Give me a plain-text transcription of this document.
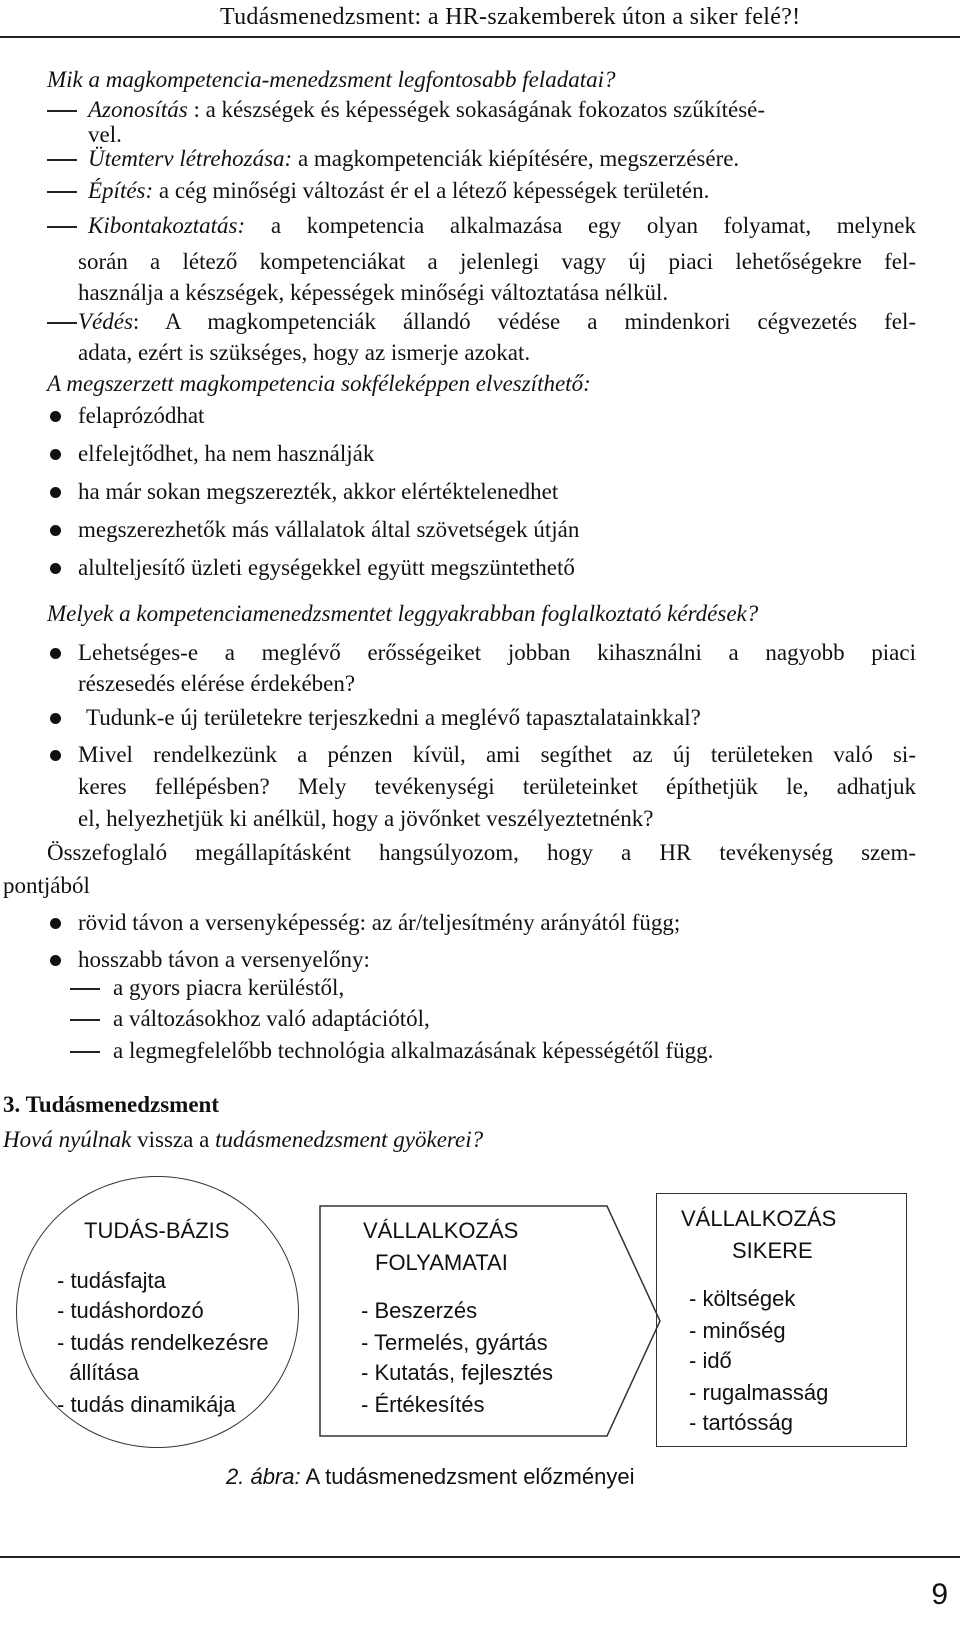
Tudásmenedzsment: a HR-szakemberek úton a siker felé?!
Mik a magkompetencia-menedzsment legfontosabb feladatai?
Azonosítás : a készségek és képességek sokaságának fokozatos szűkítésé-
vel.
Ütemterv létrehozása: a magkompetenciák kiépítésére, megszerzésére.
Építés: a cég minőségi változást ér el a létező képességek területén.
Kibontakoztatás: a kompetencia alkalmazása egy olyan folyamat, melynek
során a létező kompetenciákat a jelenlegi vagy új piaci lehetőségekre fel-
használja a készségek, képességek minőségi változtatása nélkül.
Védés: A magkompetenciák állandó védése a mindenkori cégvezetés fel-
adata, ezért is szükséges, hogy az ismerje azokat.
A megszerzett magkompetencia sokféleképpen elveszíthető:
felaprózódhat
elfelejtődhet, ha nem használják
ha már sokan megszerezték, akkor elértéktelenedhet
megszerezhetők más vállalatok által szövetségek útján
alulteljesítő üzleti egységekkel együtt megszüntethető
Melyek a kompetenciamenedzsmentet leggyakrabban foglalkoztató kérdések?
Lehetséges-e a meglévő erősségeiket jobban kihasználni a nagyobb piaci
részesedés elérése érdekében?
Tudunk-e új területekre terjeszkedni a meglévő tapasztalatainkkal?
Mivel rendelkezünk a pénzen kívül, ami segíthet az új területeken való si-
keres fellépésben? Mely tevékenységi területeinket építhetjük le, adhatjuk
el, helyezhetjük ki anélkül, hogy a jövőnket veszélyeztetnénk?
Összefoglaló megállapításként hangsúlyozom, hogy a HR tevékenység szem-
pontjából
rövid távon a versenyképesség: az ár/teljesítmény arányától függ;
hosszabb távon a versenyelőny:
a gyors piacra kerüléstől,
a változásokhoz való adaptációtól,
a legmegfelelőbb technológia alkalmazásának képességétől függ.
3. Tudásmenedzsment
Hová nyúlnak vissza a tudásmenedzsment gyökerei?
TUDÁS-BÁZIS
- tudásfajta
- tudáshordozó
- tudás rendelkezésre
állítása
- tudás dinamikája
VÁLLALKOZÁS
FOLYAMATAI
- Beszerzés
- Termelés, gyártás
- Kutatás, fejlesztés
- Értékesítés
VÁLLALKOZÁS
SIKERE
- költségek
- minőség
- idő
- rugalmasság
- tartósság
2. ábra: A tudásmenedzsment előzményei
9
